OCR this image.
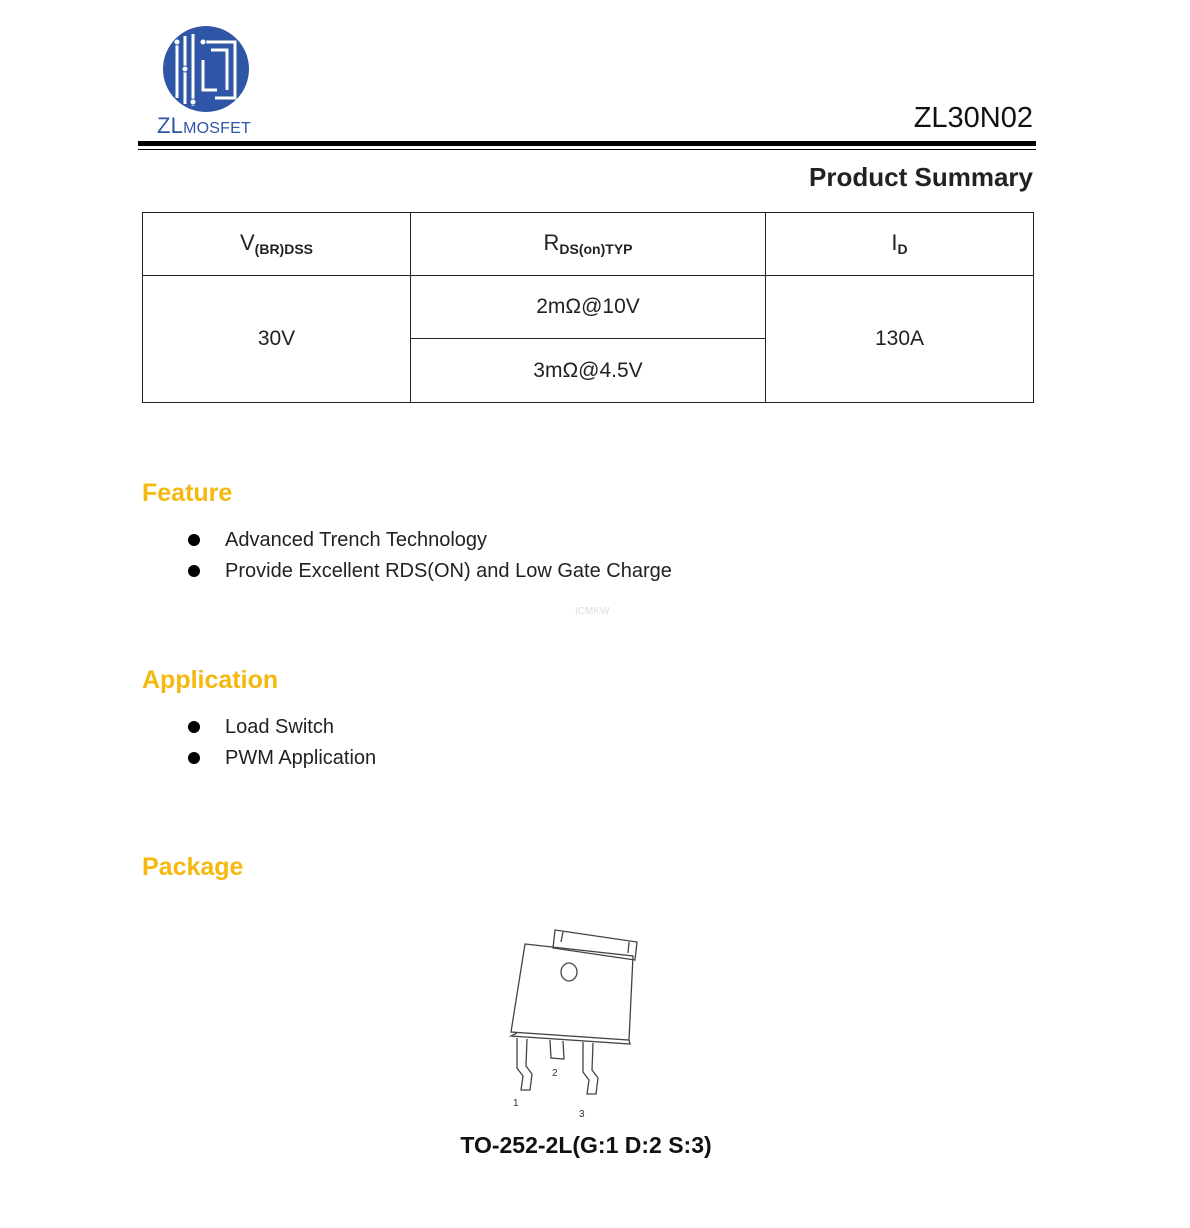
ZLMOSFET	ZL30N02
Product Summary
$V_{(BR)DSS}$	$R_{DS(on)TYP}$	$I_D$
30V	2mΩ@10V	130A
	3mΩ@4.5V	
Feature
Advanced Trench Technology
Provide Excellent RDS(ON) and Low Gate Charge
ICMKW
Application
Load Switch
PWM Application
Package
1
2
3
TO-252-2L(G:1 D:2 S:3)
